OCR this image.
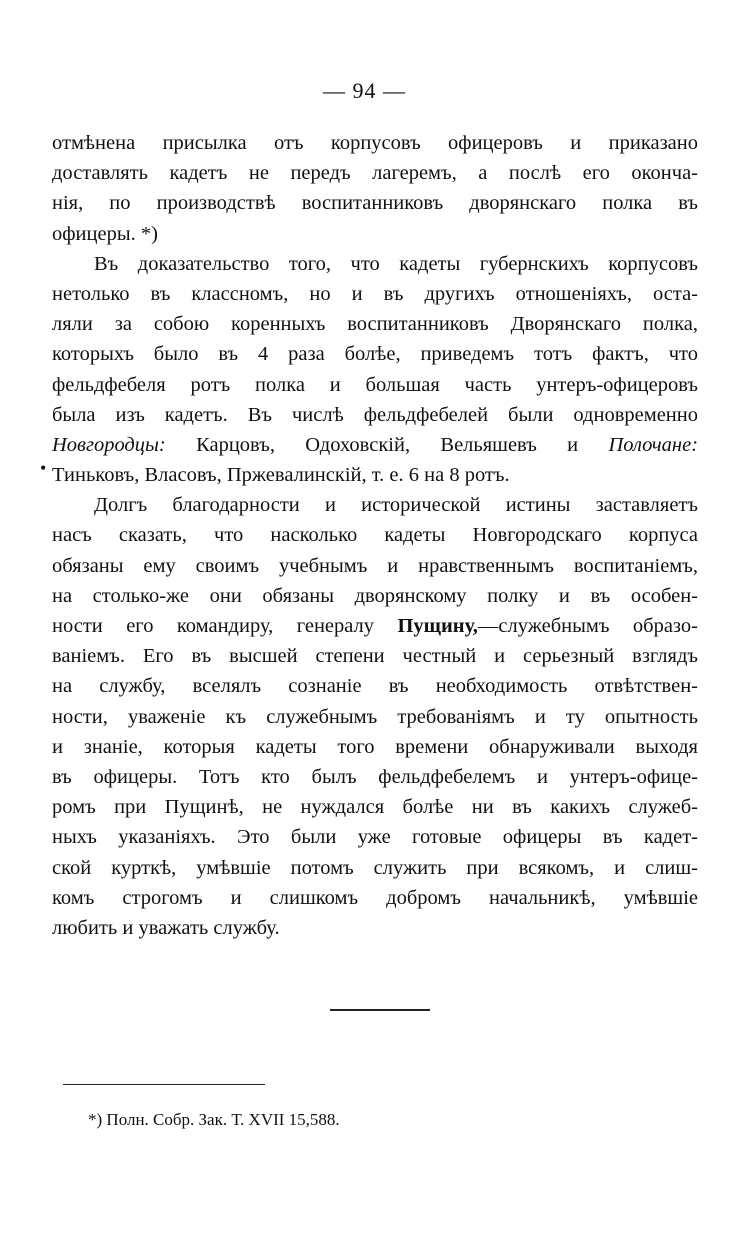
— 94 —
отмѣнена присылка отъ корпусовъ офицеровъ и приказано
доставлять кадетъ не передъ лагеремъ, а послѣ его оконча-
нія, по производствѣ воспитанниковъ дворянскаго полка въ
офицеры. *)
Въ доказательство того, что кадеты губернскихъ корпусовъ
нетолько въ классномъ, но и въ другихъ отношеніяхъ, оста-
ляли за собою коренныхъ воспитанниковъ Дворянскаго полка,
которыхъ было въ 4 раза болѣе, приведемъ тотъ фактъ, что
фельдфебеля ротъ полка и большая часть унтеръ-офицеровъ
была изъ кадетъ. Въ числѣ фельдфебелей были одновременно
Новгородцы: Карцовъ, Одоховскій, Вельяшевъ и Полочане:
Тиньковъ, Власовъ, Пржевалинскій, т. е. 6 на 8 ротъ.
Долгъ благодарности и исторической истины заставляетъ
насъ сказать, что насколько кадеты Новгородскаго корпуса
обязаны ему своимъ учебнымъ и нравственнымъ воспитаніемъ,
на столько-же они обязаны дворянскому полку и въ особен-
ности его командиру, генералу Пущину,—служебнымъ образо-
ваніемъ. Его въ высшей степени честный и серьезный взглядъ
на службу, вселялъ сознаніе въ необходимость отвѣтствен-
ности, уваженіе къ служебнымъ требованіямъ и ту опытность
и знаніе, которыя кадеты того времени обнаруживали выходя
въ офицеры. Тотъ кто былъ фельдфебелемъ и унтеръ-офице-
ромъ при Пущинѣ, не нуждался болѣе ни въ какихъ служеб-
ныхъ указаніяхъ. Это были уже готовые офицеры въ кадет-
ской курткѣ, умѣвшіе потомъ служить при всякомъ, и слиш-
комъ строгомъ и слишкомъ добромъ начальникѣ, умѣвшіе
любить и уважать службу.
•
*) Полн. Собр. Зак. Т. XVII 15,588.
